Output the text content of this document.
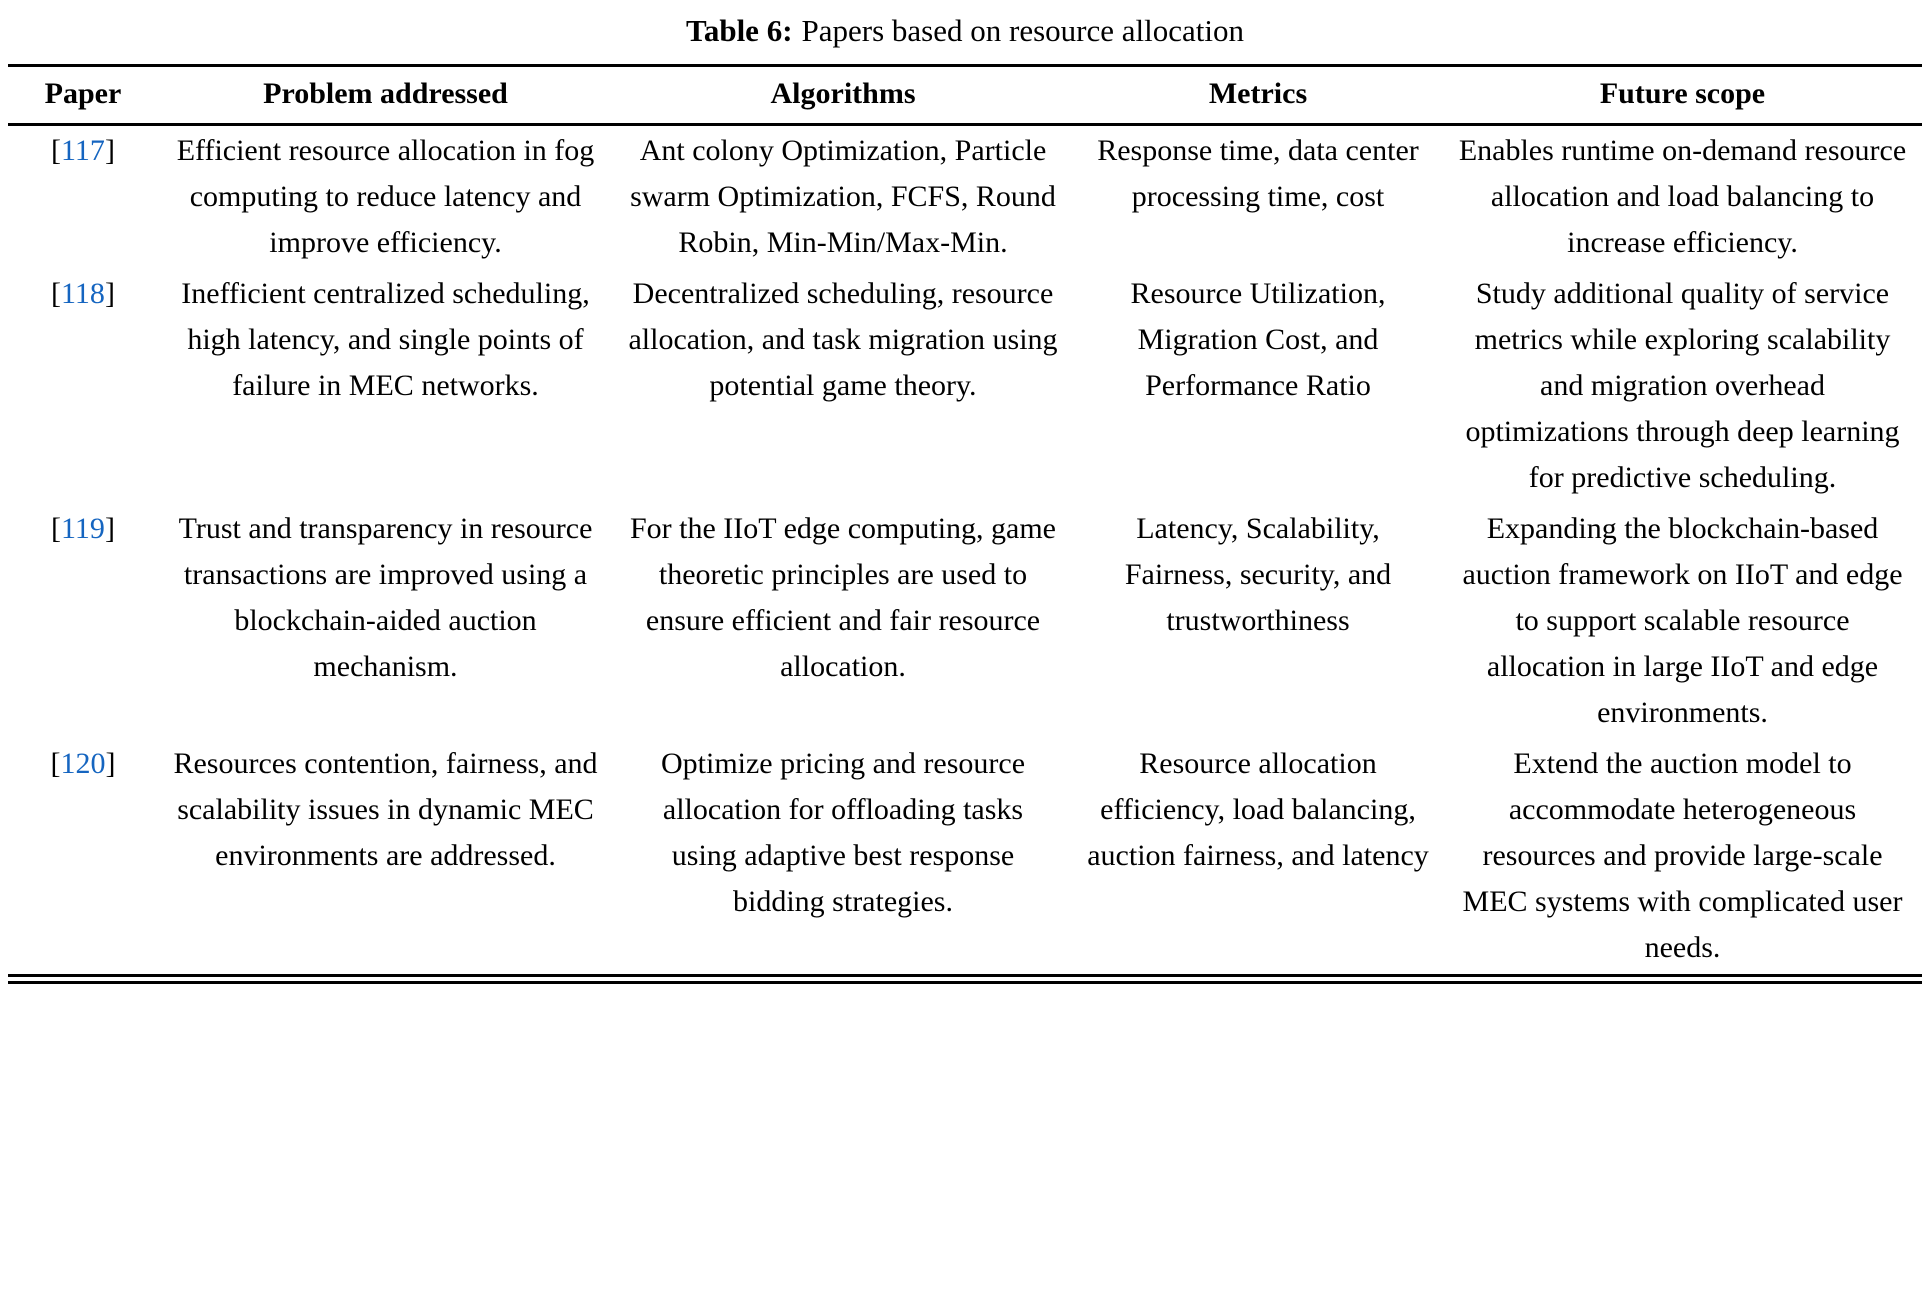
Table 6: Papers based on resource allocation
Paper	Problem addressed	Algorithms	Metrics	Future scope
[117]	Efficient resource allocation in fog computing to reduce latency and improve efficiency.	Ant colony Optimization, Particle swarm Optimization, FCFS, Round Robin, Min-Min/Max-Min.	Response time, data center processing time, cost	Enables runtime on-demand resource allocation and load balancing to increase efficiency.
[118]	Inefficient centralized scheduling, high latency, and single points of failure in MEC networks.	Decentralized scheduling, resource allocation, and task migration using potential game theory.	Resource Utilization, Migration Cost, and Performance Ratio	Study additional quality of service metrics while exploring scalability and migration overhead optimizations through deep learning for predictive scheduling.
[119]	Trust and transparency in resource transactions are improved using a blockchain-aided auction mechanism.	For the IIoT edge computing, game theoretic principles are used to ensure efficient and fair resource allocation.	Latency, Scalability, Fairness, security, and trustworthiness	Expanding the blockchain-based auction framework on IIoT and edge to support scalable resource allocation in large IIoT and edge environments.
[120]	Resources contention, fairness, and scalability issues in dynamic MEC environments are addressed.	Optimize pricing and resource allocation for offloading tasks using adaptive best response bidding strategies.	Resource allocation efficiency, load balancing, auction fairness, and latency	Extend the auction model to accommodate heterogeneous resources and provide large-scale MEC systems with complicated user needs.
